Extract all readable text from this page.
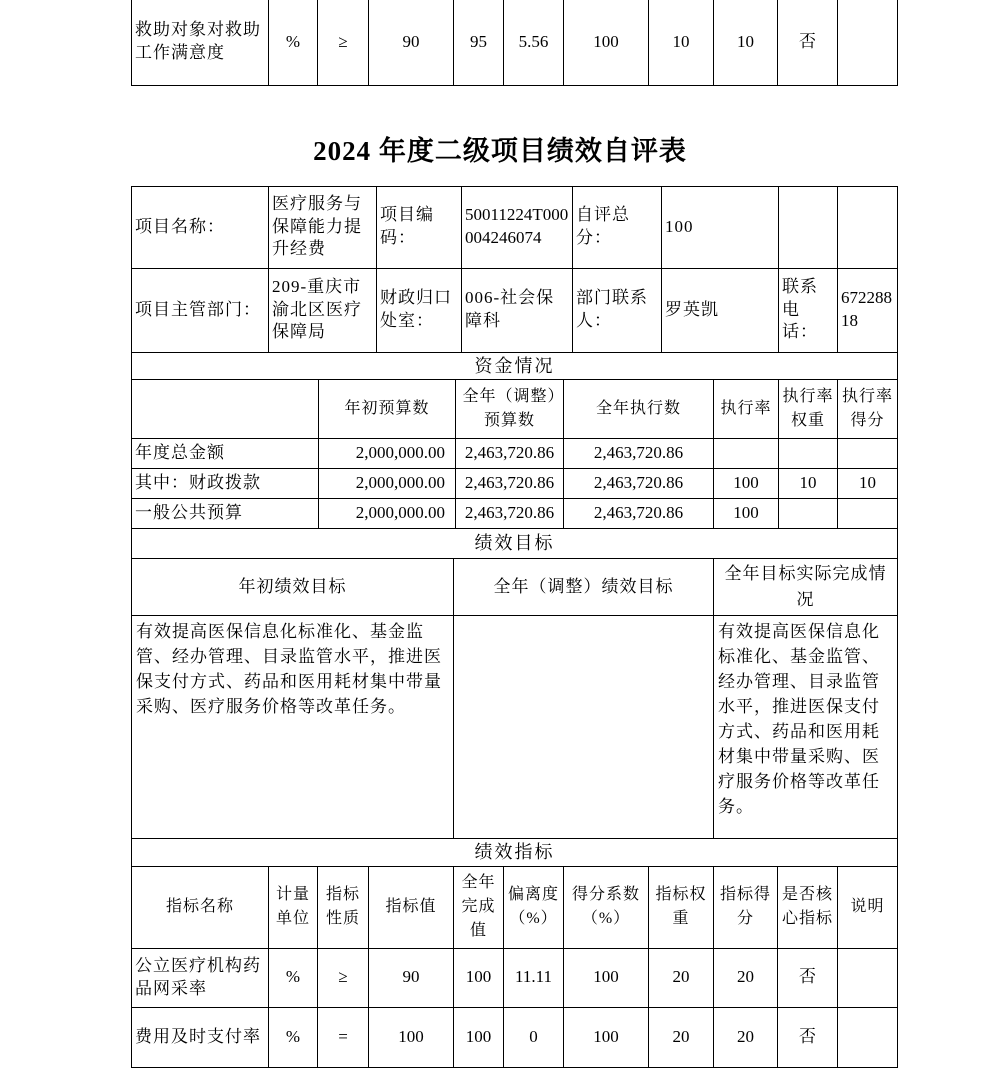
救助对象对救助工作满意度	%	≥	90	95	5.56	100	10	10	否	
2024 年度二级项目绩效自评表
项目名称：	医疗服务与保障能力提升经费	项目编码：	50011224T000004246074	自评总分：	100		
项目主管部门：	209-重庆市渝北区医疗保障局	财政归口处室：	006-社会保障科	部门联系人：	罗英凯	联系电话：	67228818
资金情况						
	年初预算数	全年（调整）预算数	全年执行数	执行率	执行率权重	执行率得分
年度总金额	2,000,000.00	2,463,720.86	2,463,720.86			
其中：财政拨款	2,000,000.00	2,463,720.86	2,463,720.86	100	10	10
一般公共预算	2,000,000.00	2,463,720.86	2,463,720.86	100		
绩效目标		
年初绩效目标	全年（调整）绩效目标	全年目标实际完成情况
有效提高医保信息化标准化、基金监管、经办管理、目录监管水平，推进医保支付方式、药品和医用耗材集中带量采购、医疗服务价格等改革任务。		有效提高医保信息化标准化、基金监管、经办管理、目录监管水平，推进医保支付方式、药品和医用耗材集中带量采购、医疗服务价格等改革任务。
绩效指标										
指标名称	计量单位	指标性质	指标值	全年完成值	偏离度（%）	得分系数（%）	指标权重	指标得分	是否核心指标	说明
公立医疗机构药品网采率	%	≥	90	100	11.11	100	20	20	否	
费用及时支付率	%	=	100	100	0	100	20	20	否	
